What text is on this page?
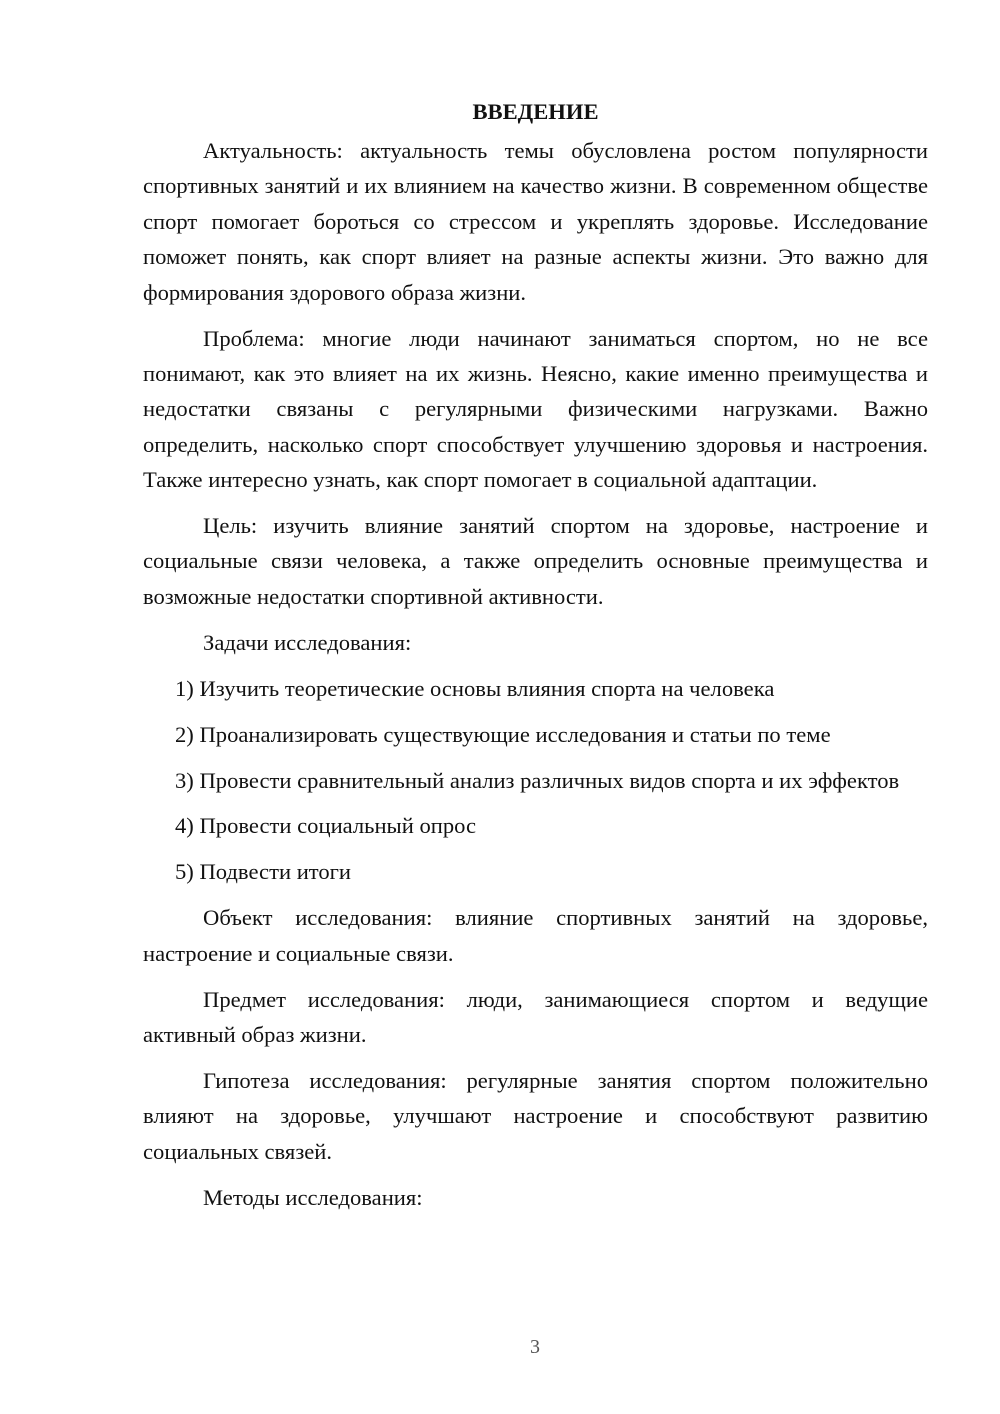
ВВЕДЕНИЕ

Актуальность: актуальность темы обусловлена ростом популярности спортивных занятий и их влиянием на качество жизни. В современном обществе спорт помогает бороться со стрессом и укреплять здоровье. Исследование поможет понять, как спорт влияет на разные аспекты жизни. Это важно для формирования здорового образа жизни.

Проблема: многие люди начинают заниматься спортом, но не все понимают, как это влияет на их жизнь. Неясно, какие именно преимущества и недостатки связаны с регулярными физическими нагрузками. Важно определить, насколько спорт способствует улучшению здоровья и настроения. Также интересно узнать, как спорт помогает в социальной адаптации.

Цель: изучить влияние занятий спортом на здоровье, настроение и социальные связи человека, а также определить основные преимущества и возможные недостатки спортивной активности.

Задачи исследования:

1) Изучить теоретические основы влияния спорта на человека

2) Проанализировать существующие исследования и статьи по теме

3) Провести сравнительный анализ различных видов спорта и их эффектов

4) Провести социальный опрос

5) Подвести итоги

Объект исследования: влияние спортивных занятий на здоровье, настроение и социальные связи.

Предмет исследования: люди, занимающиеся спортом и ведущие активный образ жизни.

Гипотеза исследования: регулярные занятия спортом положительно влияют на здоровье, улучшают настроение и способствуют развитию социальных связей.

Методы исследования:

3
